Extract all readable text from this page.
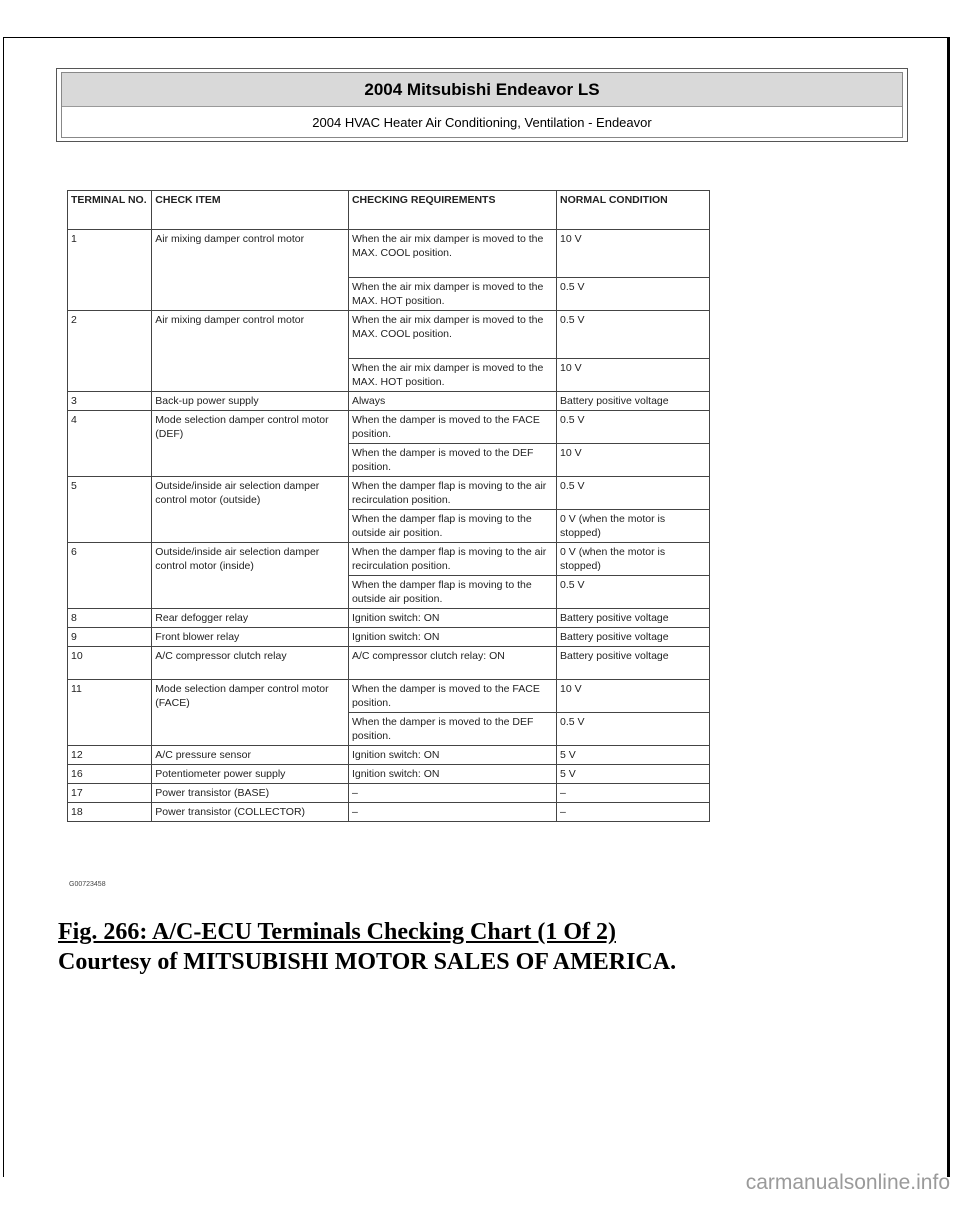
2004 Mitsubishi Endeavor LS
2004 HVAC Heater Air Conditioning, Ventilation - Endeavor
TERMINAL NO.	CHECK ITEM	CHECKING REQUIREMENTS	NORMAL CONDITION
1	Air mixing damper control motor	When the air mix damper is moved to the MAX. COOL position.	10 V
		When the air mix damper is moved to the MAX. HOT position.	0.5 V
2	Air mixing damper control motor	When the air mix damper is moved to the MAX. COOL position.	0.5 V
		When the air mix damper is moved to the MAX. HOT position.	10 V
3	Back-up power supply	Always	Battery positive voltage
4	Mode selection damper control motor (DEF)	When the damper is moved to the FACE position.	0.5 V
		When the damper is moved to the DEF position.	10 V
5	Outside/inside air selection damper control motor (outside)	When the damper flap is moving to the air recirculation position.	0.5 V
		When the damper flap is moving to the outside air position.	0 V (when the motor is stopped)
6	Outside/inside air selection damper control motor (inside)	When the damper flap is moving to the air recirculation position.	0 V (when the motor is stopped)
		When the damper flap is moving to the outside air position.	0.5 V
8	Rear defogger relay	Ignition switch: ON	Battery positive voltage
9	Front blower relay	Ignition switch: ON	Battery positive voltage
10	A/C compressor clutch relay	A/C compressor clutch relay: ON	Battery positive voltage
11	Mode selection damper control motor (FACE)	When the damper is moved to the FACE position.	10 V
		When the damper is moved to the DEF position.	0.5 V
12	A/C pressure sensor	Ignition switch: ON	5 V
16	Potentiometer power supply	Ignition switch: ON	5 V
17	Power transistor (BASE)	–	–
18	Power transistor (COLLECTOR)	–	–
G00723458
Fig. 266: A/C-ECU Terminals Checking Chart (1 Of 2)
Courtesy of MITSUBISHI MOTOR SALES OF AMERICA.
carmanualsonline.info
